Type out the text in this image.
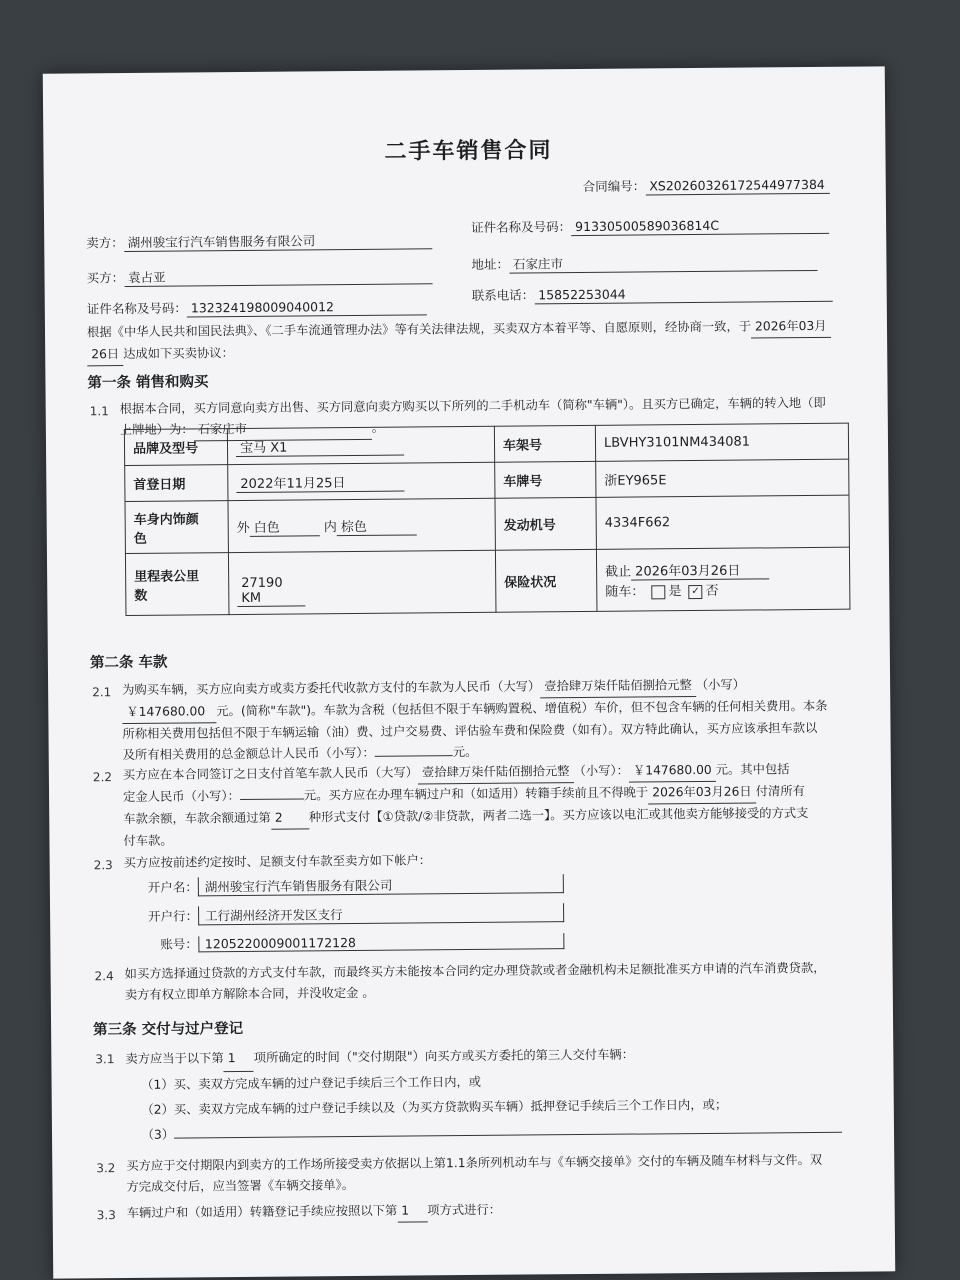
二手车销售合同
合同编号： XS20260326172544977384
卖方： 湖州骏宝行汽车销售服务有限公司
证件名称及号码： 91330500589036814C
买方： 袁占亚
地址： 石家庄市
证件名称及号码： 132324198009040012
联系电话： 15852253044
根据《中华人民共和国民法典》、《二手车流通管理办法》等有关法律法规，买卖双方本着平等、自愿原则，经协商一致，于 2026年03月
26日 达成如下买卖协议：
第一条 销售和购买
1.1 根据本合同，买方同意向卖方出售、买方同意向卖方购买以下所列的二手机动车（简称"车辆"）。且买方已确定，车辆的转入地（即
上牌地）为： 石家庄市	。
品牌及型号	宝马 X1	车架号	LBVHY3101NM434081
首登日期	2022年11月25日	车牌号	浙EY965E
车身内饰颜
色	外 白色 内 棕色	发动机号	4334F662
里程表公里
数	27190 KM	保险状况	截止 2026年03月26日
随车： 是 ✓ 否
第二条 车款
2.1 为购买车辆，买方应向卖方或卖方委托代收款方支付的车款为人民币（大写） 壹拾肆万柒仟陆佰捌拾元整 （小写）
￥147680.00 元。(简称"车款")。车款为含税（包括但不限于车辆购置税、增值税）车价，但不包含车辆的任何相关费用。本条
所称相关费用包括但不限于车辆运输（油）费、过户交易费、评估验车费和保险费（如有）。双方特此确认，买方应该承担车款以
及所有相关费用的总金额总计人民币（小写）：	元。
2.2 买方应在本合同签订之日支付首笔车款人民币（大写） 壹拾肆万柒仟陆佰捌拾元整 （小写）： ￥147680.00 元。其中包括
定金人民币（小写）：	元。买方应在办理车辆过户和（如适用）转籍手续前且不得晚于 2026年03月26日 付清所有
车款余额，车款余额通过第 2 种形式支付【①贷款/②非贷款，两者二选一】。买方应该以电汇或其他卖方能够接受的方式支
付车款。
2.3 买方应按前述约定按时、足额支付车款至卖方如下帐户：
开户名： 湖州骏宝行汽车销售服务有限公司
开户行： 工行湖州经济开发区支行
账号： 1205220009001172128
2.4 如买方选择通过贷款的方式支付车款，而最终买方未能按本合同约定办理贷款或者金融机构未足额批准买方申请的汽车消费贷款，
卖方有权立即单方解除本合同，并没收定金 。
第三条 交付与过户登记
3.1 卖方应当于以下第 1 项所确定的时间（"交付期限"）向买方或买方委托的第三人交付车辆：
（1）买、卖双方完成车辆的过户登记手续后三个工作日内，或
（2）买、卖双方完成车辆的过户登记手续以及（为买方贷款购买车辆）抵押登记手续后三个工作日内，或；
（3）
3.2 买方应于交付期限内到卖方的工作场所接受卖方依据以上第1.1条所列机动车与《车辆交接单》交付的车辆及随车材料与文件。双
方完成交付后，应当签署《车辆交接单》。
3.3 车辆过户和（如适用）转籍登记手续应按照以下第 1 项方式进行：
